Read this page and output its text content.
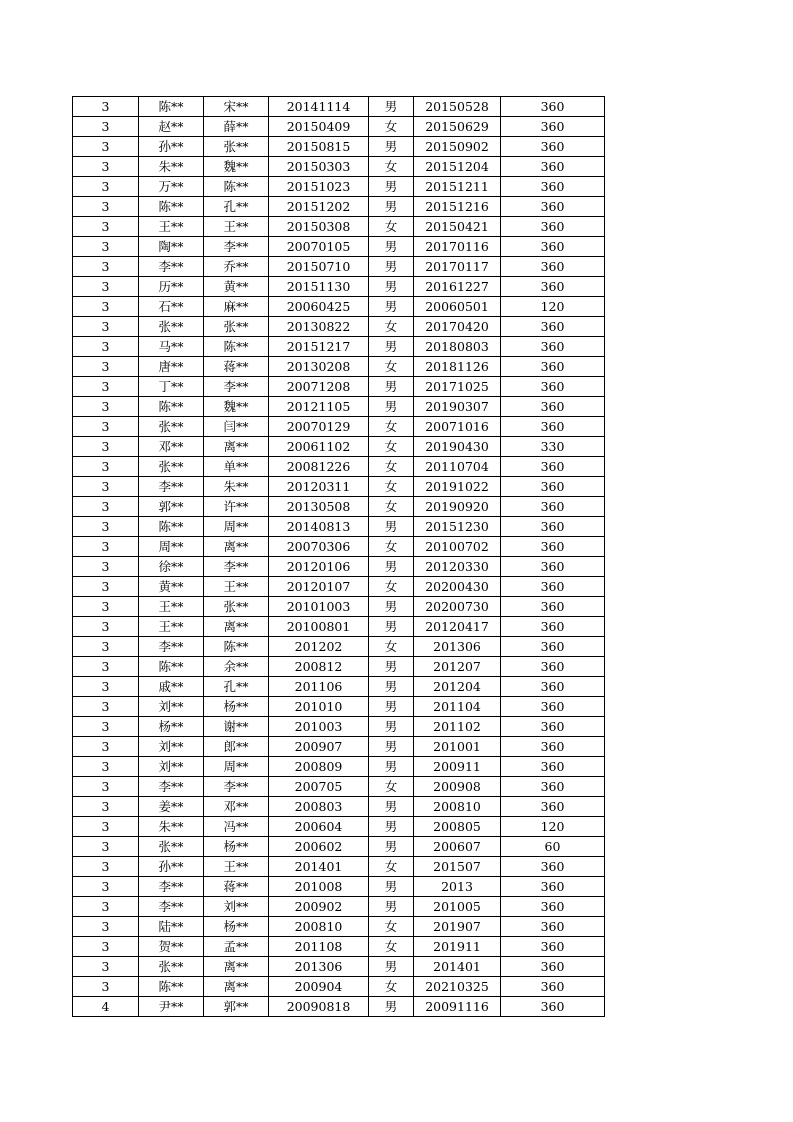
3	陈**	宋**	20141114	男	20150528	360
3	赵**	薛**	20150409	女	20150629	360
3	孙**	张**	20150815	男	20150902	360
3	朱**	魏**	20150303	女	20151204	360
3	万**	陈**	20151023	男	20151211	360
3	陈**	孔**	20151202	男	20151216	360
3	王**	王**	20150308	女	20150421	360
3	陶**	李**	20070105	男	20170116	360
3	李**	乔**	20150710	男	20170117	360
3	历**	黄**	20151130	男	20161227	360
3	石**	麻**	20060425	男	20060501	120
3	张**	张**	20130822	女	20170420	360
3	马**	陈**	20151217	男	20180803	360
3	唐**	蒋**	20130208	女	20181126	360
3	丁**	李**	20071208	男	20171025	360
3	陈**	魏**	20121105	男	20190307	360
3	张**	闫**	20070129	女	20071016	360
3	邓**	离**	20061102	女	20190430	330
3	张**	单**	20081226	女	20110704	360
3	李**	朱**	20120311	女	20191022	360
3	郭**	许**	20130508	女	20190920	360
3	陈**	周**	20140813	男	20151230	360
3	周**	离**	20070306	女	20100702	360
3	徐**	李**	20120106	男	20120330	360
3	黄**	王**	20120107	女	20200430	360
3	王**	张**	20101003	男	20200730	360
3	王**	离**	20100801	男	20120417	360
3	李**	陈**	201202	女	201306	360
3	陈**	余**	200812	男	201207	360
3	戚**	孔**	201106	男	201204	360
3	刘**	杨**	201010	男	201104	360
3	杨**	谢**	201003	男	201102	360
3	刘**	郎**	200907	男	201001	360
3	刘**	周**	200809	男	200911	360
3	李**	李**	200705	女	200908	360
3	姜**	邓**	200803	男	200810	360
3	朱**	冯**	200604	男	200805	120
3	张**	杨**	200602	男	200607	60
3	孙**	王**	201401	女	201507	360
3	李**	蒋**	201008	男	2013	360
3	李**	刘**	200902	男	201005	360
3	陆**	杨**	200810	女	201907	360
3	贺**	孟**	201108	女	201911	360
3	张**	离**	201306	男	201401	360
3	陈**	离**	200904	女	20210325	360
4	尹**	郭**	20090818	男	20091116	360
